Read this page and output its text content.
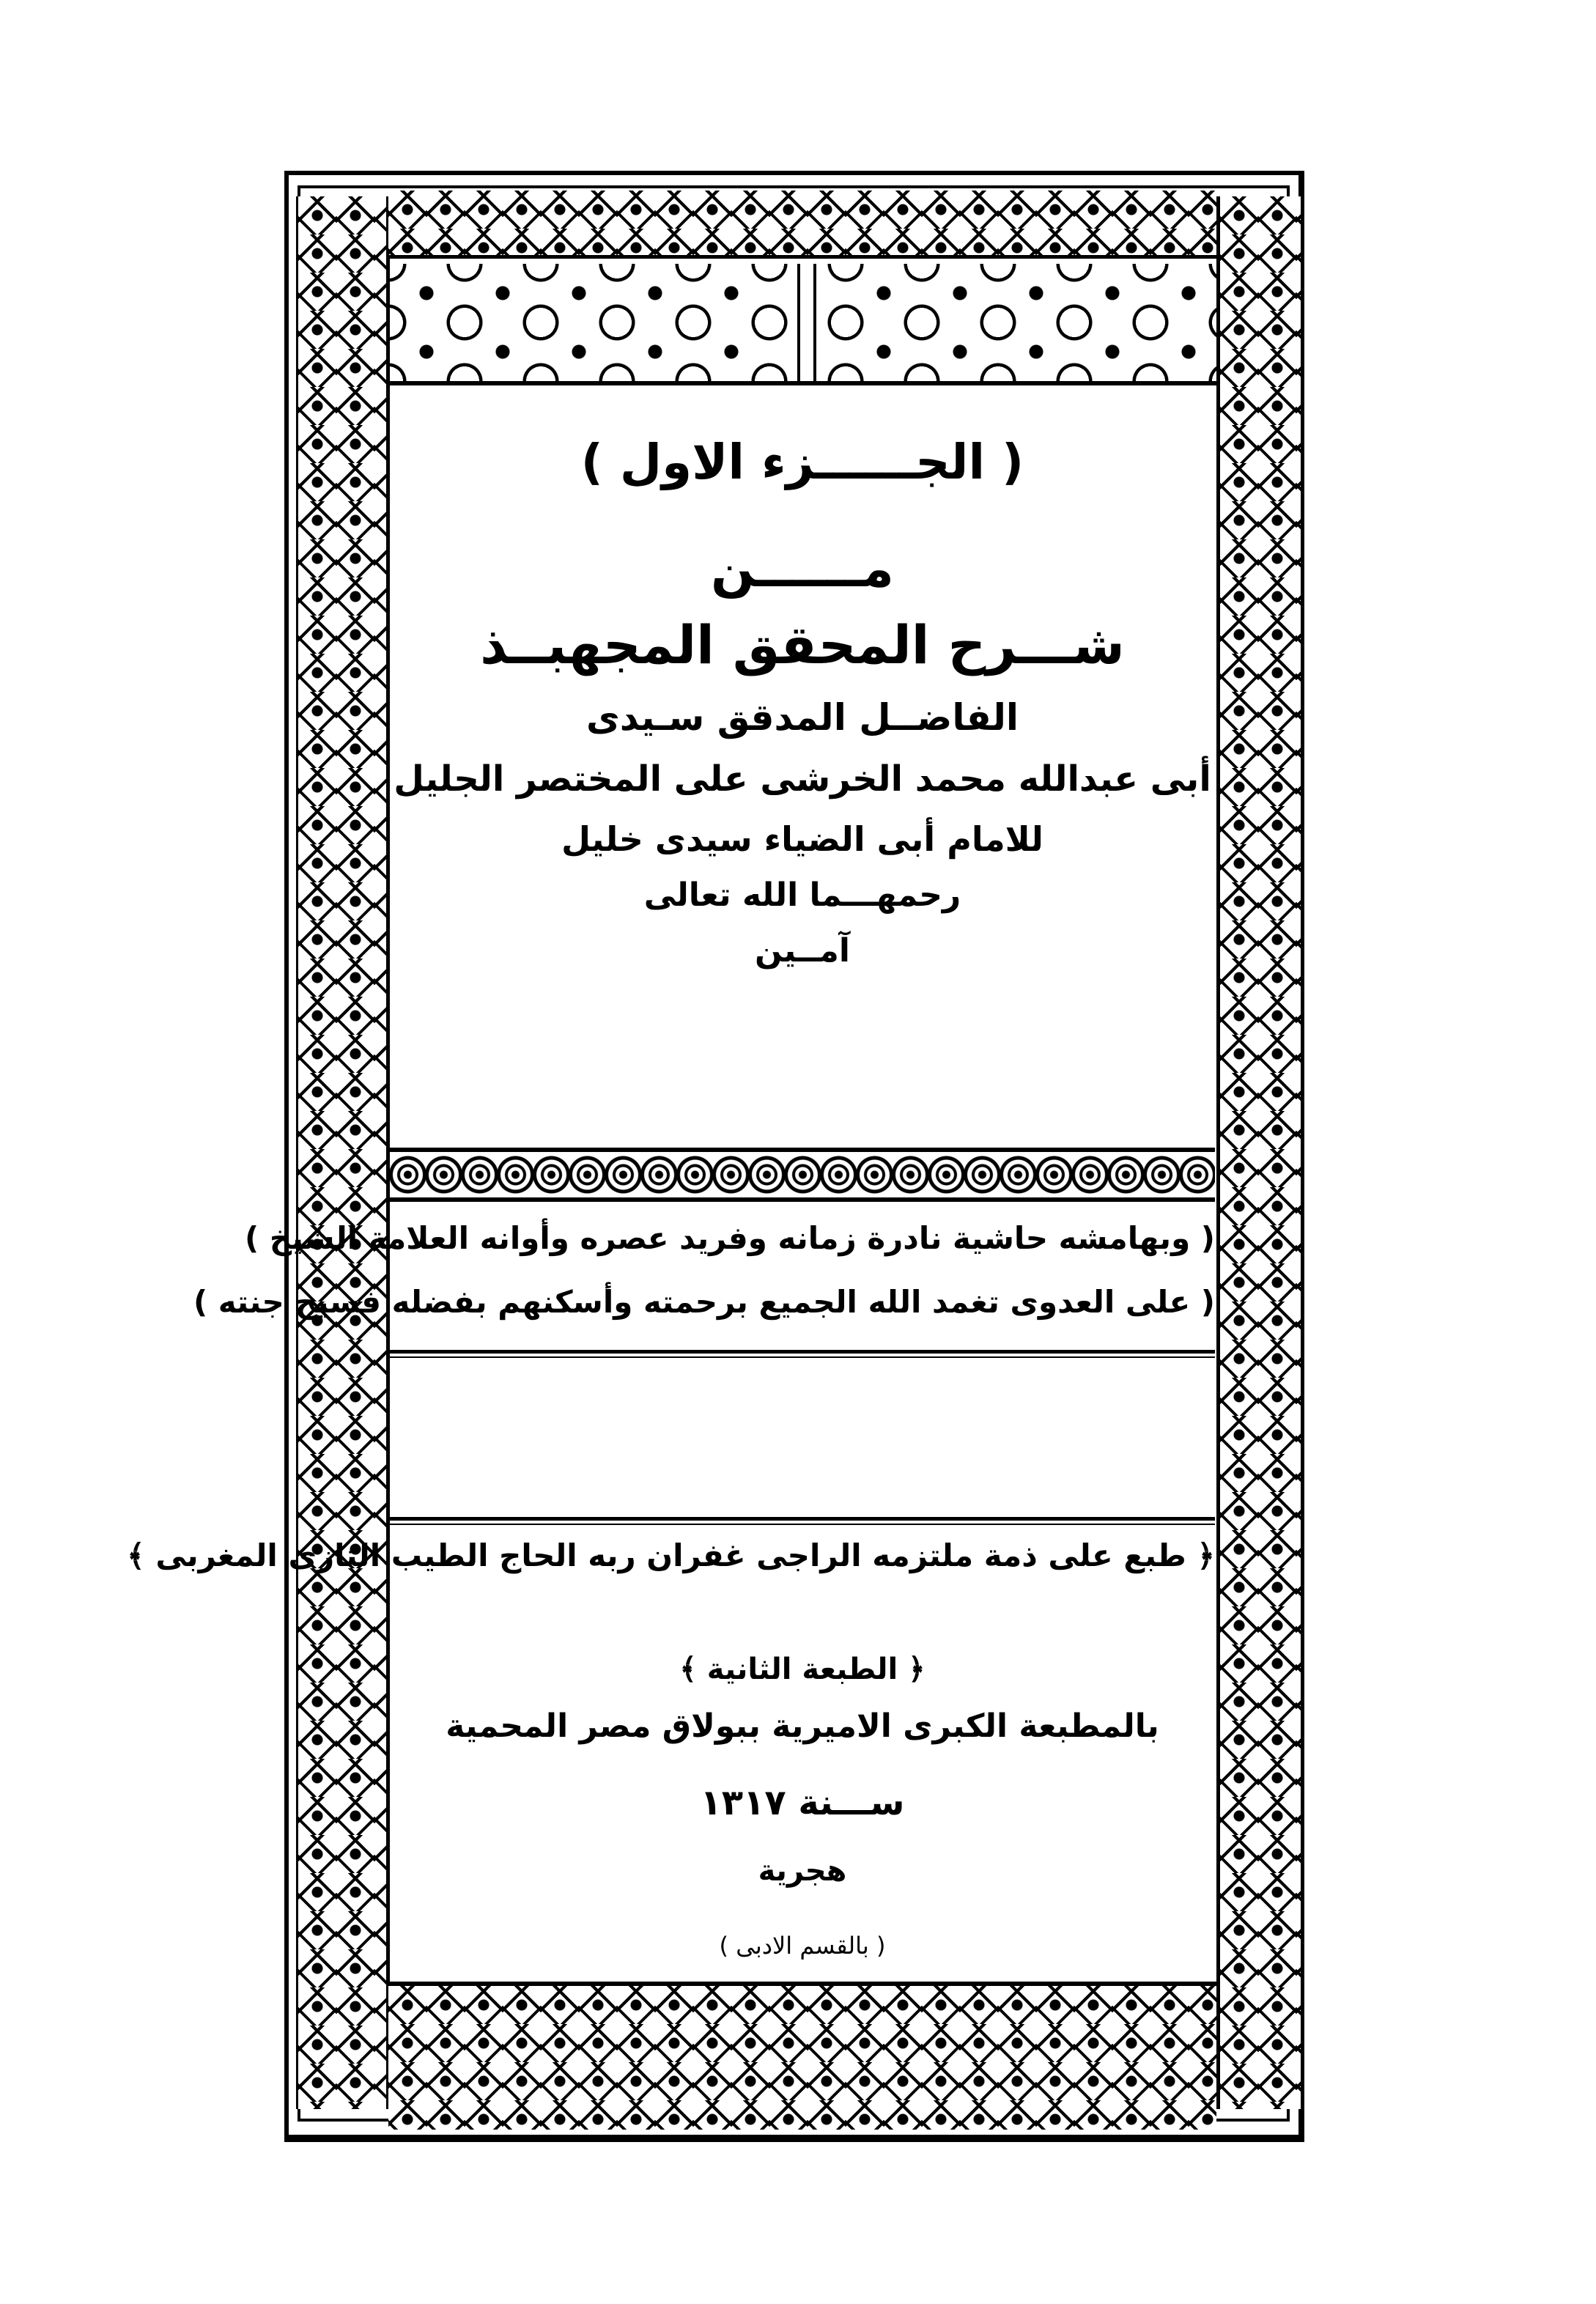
( الجــــــزء الاول )
مــــــن
شـــرح المحقق المجهبــذ
الفاضــل المدقق سـيدى
أبى عبدالله محمد الخرشى على المختصر الجليل
للامام أبى الضياء سيدى خليل
رحمهـــما الله تعالى
آمــين
( وبهامشه حاشية نادرة زمانه وفريد عصره وأوانه العلامة الشيخ )
( على العدوى تغمد الله الجميع برحمته وأسكنهم بفضله فسيح جنته )
﴿ طبع على ذمة ملتزمه الراجى غفران ربه الحاج الطيب التازى المغربى ﴾
﴿ الطبعة الثانية ﴾
بالمطبعة الكبرى الاميرية ببولاق مصر المحمية
ســـنة ١٣١٧
هجرية
( بالقسم الادبى )
